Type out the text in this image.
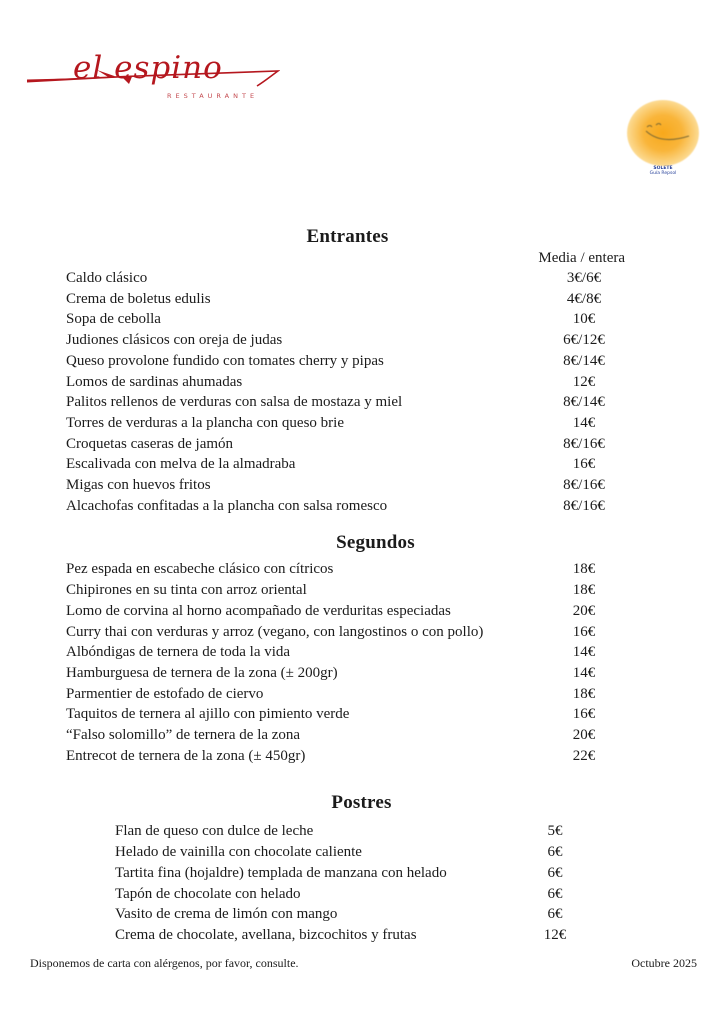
el espino
RESTAURANTE
SOLETE
Guía Repsol
Entrantes
Media / entera
Caldo clásico	3€/6€
Crema de boletus edulis	4€/8€
Sopa de cebolla	10€
Judiones clásicos con oreja de judas	6€/12€
Queso provolone fundido con tomates cherry y pipas	8€/14€
Lomos de sardinas ahumadas	12€
Palitos rellenos de verduras con salsa de mostaza y miel	8€/14€
Torres de verduras a la plancha con queso brie	14€
Croquetas caseras de jamón	8€/16€
Escalivada con melva de la almadraba	16€
Migas con huevos fritos	8€/16€
Alcachofas confitadas a la plancha con salsa romesco	8€/16€
Segundos
Pez espada en escabeche clásico con cítricos	18€
Chipirones en su tinta con arroz oriental	18€
Lomo de corvina al horno acompañado de verduritas especiadas	20€
Curry thai con verduras y arroz (vegano, con langostinos o con pollo)	16€
Albóndigas de ternera de toda la vida	14€
Hamburguesa de ternera de la zona (± 200gr)	14€
Parmentier de estofado de ciervo	18€
Taquitos de ternera al ajillo con pimiento verde	16€
“Falso solomillo” de ternera de la zona	20€
Entrecot de ternera de la zona (± 450gr)	22€
Postres
Flan de queso con dulce de leche	5€
Helado de vainilla con chocolate caliente	6€
Tartita fina (hojaldre) templada de manzana con helado	6€
Tapón de chocolate con helado	6€
Vasito de crema de limón con mango	6€
Crema de chocolate, avellana, bizcochitos y frutas	12€
Disponemos de carta con alérgenos, por favor, consulte.	Octubre 2025
